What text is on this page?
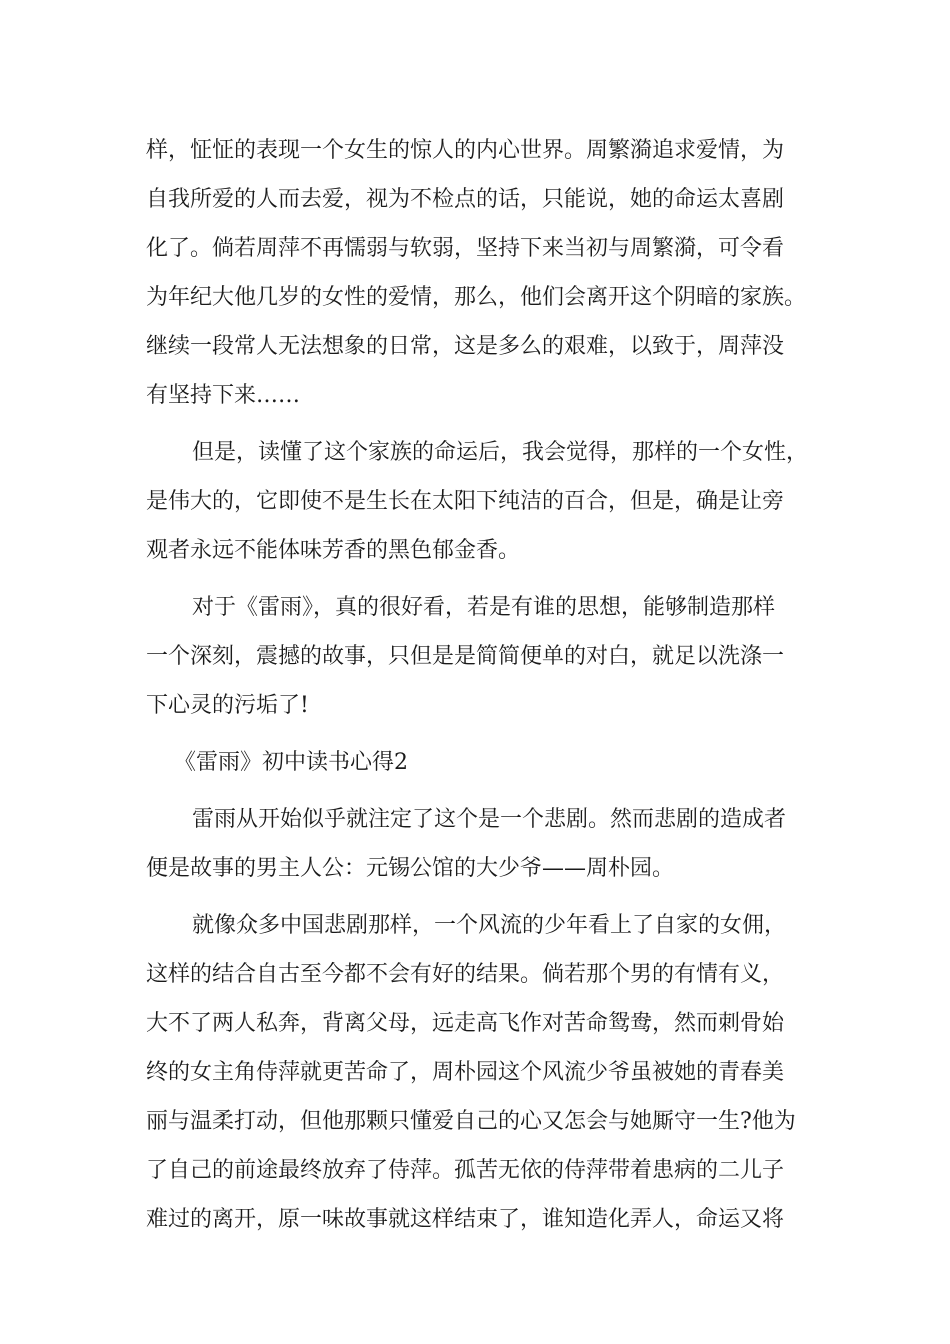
样，怔怔的表现一个女生的惊人的内心世界。周繁漪追求爱情，为
自我所爱的人而去爱，视为不检点的话，只能说，她的命运太喜剧
化了。倘若周萍不再懦弱与软弱，坚持下来当初与周繁漪，可令看
为年纪大他几岁的女性的爱情，那么，他们会离开这个阴暗的家族。
继续一段常人无法想象的日常，这是多么的艰难，以致于，周萍没
有坚持下来……
但是，读懂了这个家族的命运后，我会觉得，那样的一个女性，
是伟大的，它即使不是生长在太阳下纯洁的百合，但是，确是让旁
观者永远不能体味芳香的黑色郁金香。
对于《雷雨》，真的很好看，若是有谁的思想，能够制造那样
一个深刻，震撼的故事，只但是是简简便单的对白，就足以洗涤一
下心灵的污垢了!
《雷雨》初中读书心得2
雷雨从开始似乎就注定了这个是一个悲剧。然而悲剧的造成者
便是故事的男主人公：元锡公馆的大少爷——周朴园。
就像众多中国悲剧那样，一个风流的少年看上了自家的女佣，
这样的结合自古至今都不会有好的结果。倘若那个男的有情有义，
大不了两人私奔，背离父母，远走高飞作对苦命鸳鸯，然而刺骨始
终的女主角侍萍就更苦命了，周朴园这个风流少爷虽被她的青春美
丽与温柔打动，但他那颗只懂爱自己的心又怎会与她厮守一生?他为
了自己的前途最终放弃了侍萍。孤苦无依的侍萍带着患病的二儿子
难过的离开，原一味故事就这样结束了，谁知造化弄人，命运又将
